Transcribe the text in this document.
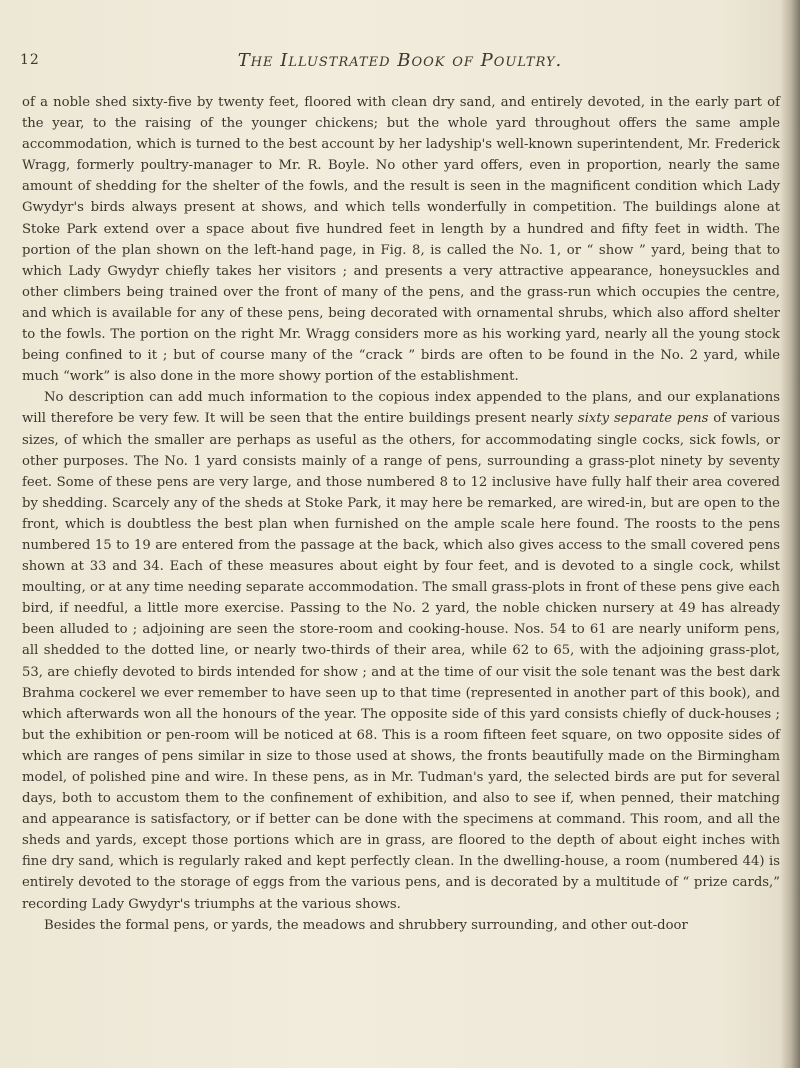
12	The Illustrated Book of Poultry.

of a noble shed sixty-five by twenty feet, floored with clean dry sand, and entirely devoted, in the early part of the year, to the raising of the younger chickens; but the whole yard throughout offers the same ample accommodation, which is turned to the best account by her ladyship's well-known superintendent, Mr. Frederick Wragg, formerly poultry-manager to Mr. R. Boyle. No other yard offers, even in proportion, nearly the same amount of shedding for the shelter of the fowls, and the result is seen in the magnificent condition which Lady Gwydyr's birds always present at shows, and which tells wonderfully in competition. The buildings alone at Stoke Park extend over a space about five hundred feet in length by a hundred and fifty feet in width. The portion of the plan shown on the left-hand page, in Fig. 8, is called the No. 1, or “ show ” yard, being that to which Lady Gwydyr chiefly takes her visitors ; and presents a very attractive appearance, honeysuckles and other climbers being trained over the front of many of the pens, and the grass-run which occupies the centre, and which is available for any of these pens, being decorated with ornamental shrubs, which also afford shelter to the fowls. The portion on the right Mr. Wragg considers more as his working yard, nearly all the young stock being confined to it ; but of course many of the “crack ” birds are often to be found in the No. 2 yard, while much “work” is also done in the more showy portion of the establishment.

No description can add much information to the copious index appended to the plans, and our explanations will therefore be very few. It will be seen that the entire buildings present nearly sixty separate pens of various sizes, of which the smaller are perhaps as useful as the others, for accommodating single cocks, sick fowls, or other purposes. The No. 1 yard consists mainly of a range of pens, surrounding a grass-plot ninety by seventy feet. Some of these pens are very large, and those numbered 8 to 12 inclusive have fully half their area covered by shedding. Scarcely any of the sheds at Stoke Park, it may here be remarked, are wired-in, but are open to the front, which is doubtless the best plan when furnished on the ample scale here found. The roosts to the pens numbered 15 to 19 are entered from the passage at the back, which also gives access to the small covered pens shown at 33 and 34. Each of these measures about eight by four feet, and is devoted to a single cock, whilst moulting, or at any time needing separate accommodation. The small grass-plots in front of these pens give each bird, if needful, a little more exercise. Passing to the No. 2 yard, the noble chicken nursery at 49 has already been alluded to ; adjoining are seen the store-room and cooking-house. Nos. 54 to 61 are nearly uniform pens, all shedded to the dotted line, or nearly two-thirds of their area, while 62 to 65, with the adjoining grass-plot, 53, are chiefly devoted to birds intended for show ; and at the time of our visit the sole tenant was the best dark Brahma cockerel we ever remember to have seen up to that time (represented in another part of this book), and which afterwards won all the honours of the year. The opposite side of this yard consists chiefly of duck-houses ; but the exhibition or pen-room will be noticed at 68. This is a room fifteen feet square, on two opposite sides of which are ranges of pens similar in size to those used at shows, the fronts beautifully made on the Birmingham model, of polished pine and wire. In these pens, as in Mr. Tudman's yard, the selected birds are put for several days, both to accustom them to the confinement of exhibition, and also to see if, when penned, their matching and appearance is satisfactory, or if better can be done with the specimens at command. This room, and all the sheds and yards, except those portions which are in grass, are floored to the depth of about eight inches with fine dry sand, which is regularly raked and kept perfectly clean. In the dwelling-house, a room (numbered 44) is entirely devoted to the storage of eggs from the various pens, and is decorated by a multitude of “ prize cards,” recording Lady Gwydyr's triumphs at the various shows.

Besides the formal pens, or yards, the meadows and shrubbery surrounding, and other out-door
